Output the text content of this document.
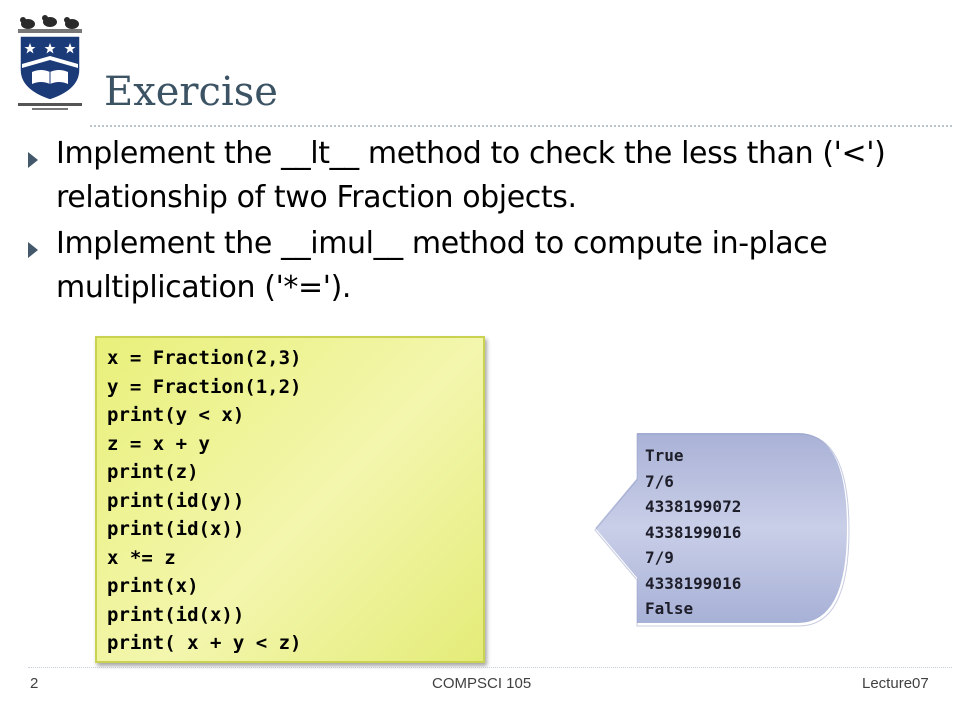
Exercise
Implement the __lt__ method to check the less than ('<') relationship of two Fraction objects.
Implement the __imul__ method to compute in-place multiplication ('*=').
x = Fraction(2,3)
y = Fraction(1,2)
print(y < x)
z = x + y
print(z)
print(id(y))
print(id(x))
x *= z
print(x)
print(id(x))
print( x + y < z)
True
7/6
4338199072
4338199016
7/9
4338199016
False
2	COMPSCI 105	Lecture07
